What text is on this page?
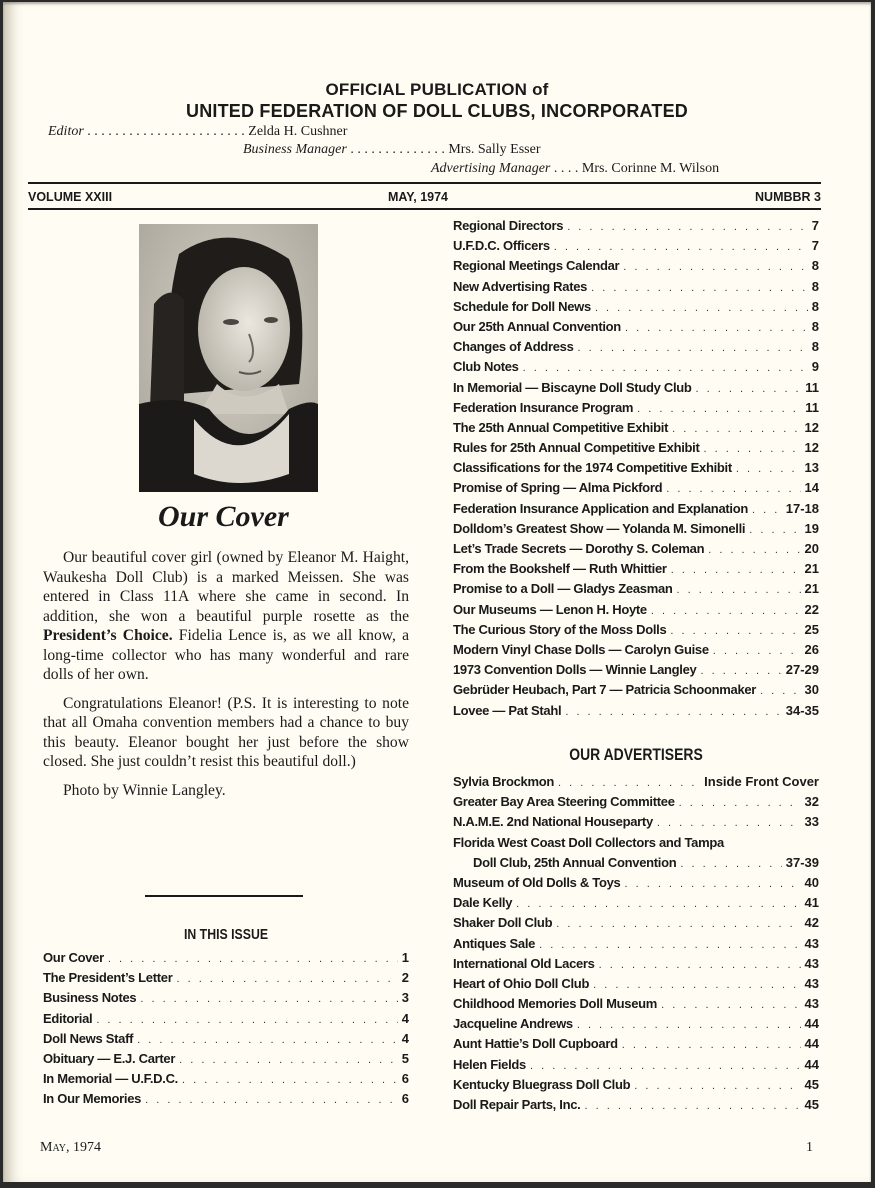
OFFICIAL PUBLICATION of
UNITED FEDERATION OF DOLL CLUBS, INCORPORATED
Editor . . . . . . . . . . . . . . . . . . . . . . . Zelda H. Cushner
Business Manager . . . . . . . . . . . . . . Mrs. Sally Esser
Advertising Manager . . . . Mrs. Corinne M. Wilson
VOLUME XXIII	MAY, 1974	NUMBBR 3
Our Cover

Our beautiful cover girl (owned by Eleanor M. Haight, Waukesha Doll Club) is a marked Meissen. She was entered in Class 11A where she came in second. In addition, she won a beautiful purple rosette as the President’s Choice. Fidelia Lence is, as we all know, a long-time collector who has many wonderful and rare dolls of her own.

Congratulations Eleanor! (P.S. It is interesting to note that all Omaha convention members had a chance to buy this beauty. Eleanor bought her just before the show closed. She just couldn’t resist this beautiful doll.)

Photo by Winnie Langley.

IN THIS ISSUE
Our Cover . . .	1
The President’s Letter . . .	2
Business Notes . . .	3
Editorial . . .	4
Doll News Staff . . .	4
Obituary — E.J. Carter . . .	5
In Memorial — U.F.D.C. . . .	6
In Our Memories . . .	6
Regional Directors . . .	7
U.F.D.C. Officers . . .	7
Regional Meetings Calendar . . .	8
New Advertising Rates . . .	8
Schedule for Doll News . . .	8
Our 25th Annual Convention . . .	8
Changes of Address . . .	8
Club Notes . . .	9
In Memorial — Biscayne Doll Study Club . . .	11
Federation Insurance Program . . .	11
The 25th Annual Competitive Exhibit . . .	12
Rules for 25th Annual Competitive Exhibit . . .	12
Classifications for the 1974 Competitive Exhibit . . .	13
Promise of Spring — Alma Pickford . . .	14
Federation Insurance Application and Explanation . . .	17-18
Dolldom’s Greatest Show — Yolanda M. Simonelli . . .	19
Let’s Trade Secrets — Dorothy S. Coleman . . .	20
From the Bookshelf — Ruth Whittier . . .	21
Promise to a Doll — Gladys Zeasman . . .	21
Our Museums — Lenon H. Hoyte . . .	22
The Curious Story of the Moss Dolls . . .	25
Modern Vinyl Chase Dolls — Carolyn Guise . . .	26
1973 Convention Dolls — Winnie Langley . . .	27-29
Gebrüder Heubach, Part 7 — Patricia Schoonmaker . . .	30
Lovee — Pat Stahl . . .	34-35
OUR ADVERTISERS
Sylvia Brockmon . . .	Inside Front Cover
Greater Bay Area Steering Committee . . .	32
N.A.M.E. 2nd National Houseparty . . .	33
Florida West Coast Doll Collectors and Tampa
Doll Club, 25th Annual Convention . . .	37-39
Museum of Old Dolls & Toys . . .	40
Dale Kelly . . .	41
Shaker Doll Club . . .	42
Antiques Sale . . .	43
International Old Lacers . . .	43
Heart of Ohio Doll Club . . .	43
Childhood Memories Doll Museum . . .	43
Jacqueline Andrews . . .	44
Aunt Hattie’s Doll Cupboard . . .	44
Helen Fields . . .	44
Kentucky Bluegrass Doll Club . . .	45
Doll Repair Parts, Inc. . . .	45
May, 1974	1
